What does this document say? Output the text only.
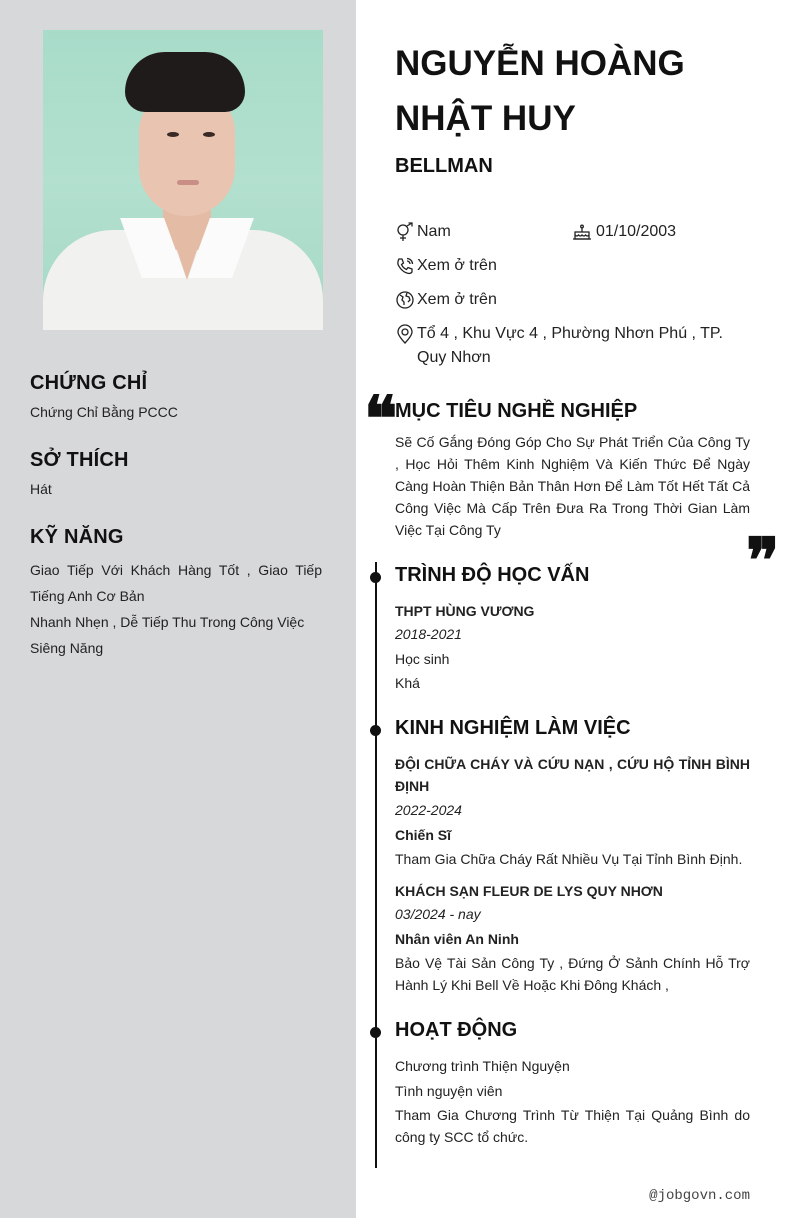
CHỨNG CHỈ
Chứng Chỉ Bằng PCCC
SỞ THÍCH
Hát
KỸ NĂNG
Giao Tiếp Với Khách Hàng Tốt , Giao Tiếp Tiếng Anh Cơ Bản
Nhanh Nhẹn , Dễ Tiếp Thu Trong Công Việc
Siêng Năng
NGUYỄN HOÀNG
NHẬT HUY
BELLMAN
Nam	01/10/2003
Xem ở trên
Xem ở trên
Tổ 4 , Khu Vực 4 , Phường Nhơn Phú , TP. Quy Nhơn
❝
MỤC TIÊU NGHỀ NGHIỆP
Sẽ Cố Gắng Đóng Góp Cho Sự Phát Triển Của Công Ty , Học Hỏi Thêm Kinh Nghiệm Và Kiến Thức Để Ngày Càng Hoàn Thiện Bản Thân Hơn Để Làm Tốt Hết Tất Cả Công Việc Mà Cấp Trên Đưa Ra Trong Thời Gian Làm Việc Tại Công Ty	❞
TRÌNH ĐỘ HỌC VẤN
THPT HÙNG VƯƠNG
2018-2021
Học sinh
Khá
KINH NGHIỆM LÀM VIỆC
ĐỘI CHỮA CHÁY VÀ CỨU NẠN , CỨU HỘ TỈNH BÌNH ĐỊNH
2022-2024
Chiến Sĩ
Tham Gia Chữa Cháy Rất Nhiều Vụ Tại Tỉnh Bình Định.
KHÁCH SẠN FLEUR DE LYS QUY NHƠN
03/2024 - nay
Nhân viên An Ninh
Bảo Vệ Tài Sản Công Ty , Đứng Ở Sảnh Chính Hỗ Trợ Hành Lý Khi Bell Về Hoặc Khi Đông Khách ,
HOẠT ĐỘNG
Chương trình Thiện Nguyện
Tình nguyện viên
Tham Gia Chương Trình Từ Thiện Tại Quảng Bình do công ty SCC tổ chức.
@jobgovn.com
